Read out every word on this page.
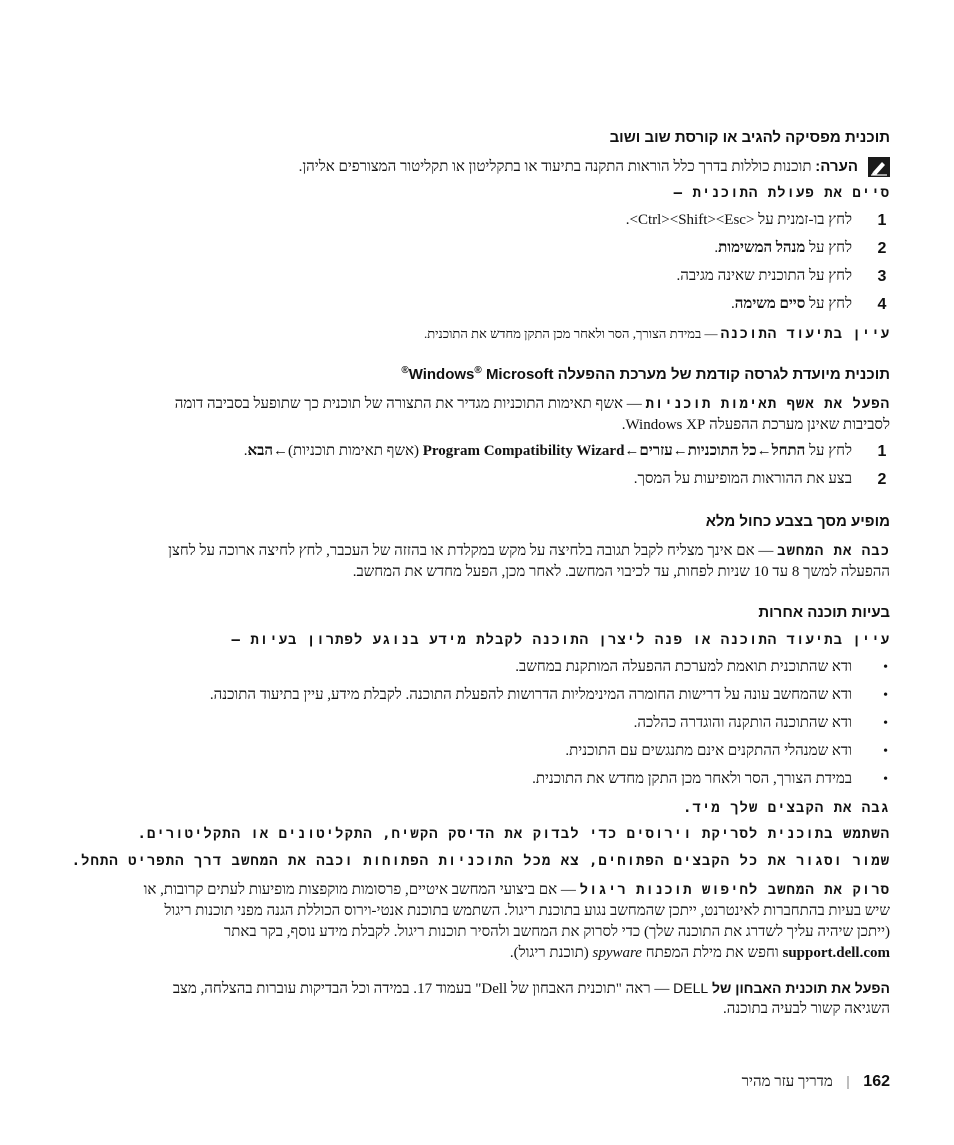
תוכנית מפסיקה להגיב או קורסת שוב ושוב
הערה: תוכנות כוללות בדרך כלל הוראות התקנה בתיעוד או בתקליטון או תקליטור המצורפים אליהן.
סיים את פעולת התוכנית —
1
לחץ בו-זמנית על <Ctrl><Shift><Esc>.
2
לחץ על מנהל המשימות.
3
לחץ על התוכנית שאינה מגיבה.
4
לחץ על סיים משימה.
עיין בתיעוד התוכנה — במידת הצורך, הסר ולאחר מכן התקן מחדש את התוכנית.
תוכנית מיועדת לגרסה קודמת של מערכת ההפעלה Windows® Microsoft®
הפעל את אשף תאימות תוכניות — אשף תאימות התוכניות מגדיר את התצורה של תוכנית כך שתופעל בסביבה דומה
לסביבות שאינן מערכת ההפעלה Windows XP.
1
לחץ על התחל←כל התוכניות←עזרים←Program Compatibility Wizard (אשף תאימות תוכניות)←הבא.
2
בצע את ההוראות המופיעות על המסך.
מופיע מסך בצבע כחול מלא
כבה את המחשב — אם אינך מצליח לקבל תגובה בלחיצה על מקש במקלדת או בהזזה של העכבר, לחץ לחיצה ארוכה על לחצן
ההפעלה למשך 8 עד 10 שניות לפחות, עד לכיבוי המחשב. לאחר מכן, הפעל מחדש את המחשב.
בעיות תוכנה אחרות
עיין בתיעוד התוכנה או פנה ליצרן התוכנה לקבלת מידע בנוגע לפתרון בעיות —
•
ודא שהתוכנית תואמת למערכת ההפעלה המותקנת במחשב.
•
ודא שהמחשב עונה על דרישות החומרה המינימליות הדרושות להפעלת התוכנה. לקבלת מידע, עיין בתיעוד התוכנה.
•
ודא שהתוכנה הותקנה והוגדרה כהלכה.
•
ודא שמנהלי ההתקנים אינם מתנגשים עם התוכנית.
•
במידת הצורך, הסר ולאחר מכן התקן מחדש את התוכנית.
גבה את הקבצים שלך מיד.
השתמש בתוכנית לסריקת וירוסים כדי לבדוק את הדיסק הקשיח, התקליטונים או התקליטורים.
שמור וסגור את כל הקבצים הפתוחים, צא מכל התוכניות הפתוחות וכבה את המחשב דרך התפריט התחל.
סרוק את המחשב לחיפוש תוכנות ריגול — אם ביצועי המחשב איטיים, פרסומות מוקפצות מופיעות לעתים קרובות, או
שיש בעיות בהתחברות לאינטרנט, ייתכן שהמחשב נגוע בתוכנת ריגול. השתמש בתוכנת אנטי-וירוס הכוללת הגנה מפני תוכנות ריגול
(ייתכן שיהיה עליך לשדרג את התוכנה שלך) כדי לסרוק את המחשב ולהסיר תוכנות ריגול. לקבלת מידע נוסף, בקר באתר
support.dell.com וחפש את מילת המפתח spyware (תוכנת ריגול).
הפעל את תוכנית האבחון של DELL — ראה "תוכנית האבחון של Dell" בעמוד 17. במידה וכל הבדיקות עוברות בהצלחה, מצב
השגיאה קשור לבעיה בתוכנה.
162 | מדריך עזר מהיר
